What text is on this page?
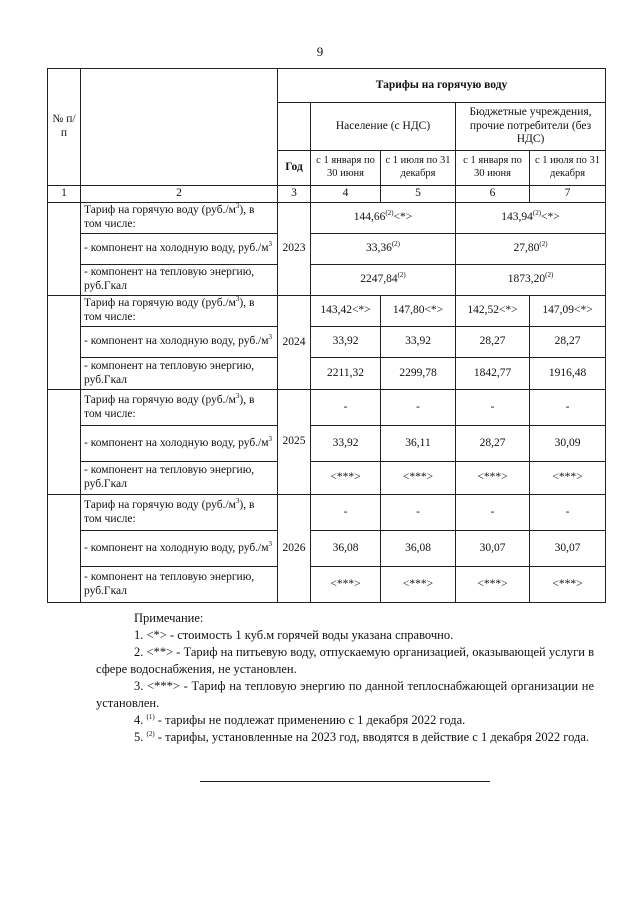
9
№ п/п		Тарифы на горячую воду				
			Население (с НДС)		Бюджетные учреждения, прочие потребители (без НДС)	
		Год	с 1 января по 30 июня	с 1 июля по 31 декабря	с 1 января по 30 июня	с 1 июля по 31 декабря
1	2	3	4	5	6	7
	Тариф на горячую воду $(руб./м^3)$, в том числе:	2023	$144,66^{(2)}<*>$		$143,94^{(2)}<*>$	
	- компонент на холодную воду, $руб./м^3$		33,36$^{(2)}$		27,80$^{(2)}$
	- компонент на тепловую энергию, руб.Гкал		2247,84$^{(2)}$		1873,20$^{(2)}$
	Тариф на горячую воду $(руб./м^3)$, в том числе:	2024	143,42<*>	147,80<*>	142,52<*>	147,09<*>
	- компонент на холодную воду, $руб./м^3$		33,92	33,92	28,27	28,27
	- компонент на тепловую энергию, руб.Гкал		2211,32	2299,78	1842,77	1916,48
	Тариф на горячую воду $(руб./м^3)$, в том числе:	2025	-	-	-	-
	- компонент на холодную воду, $руб./м^3$		33,92	36,11	28,27	30,09
	- компонент на тепловую энергию, руб.Гкал		<***>	<***>	<***>	<***>
	Тариф на горячую воду $(руб./м^3)$, в том числе:	2026	-	-	-	-
	- компонент на холодную воду, $руб./м^3$		36,08	36,08	30,07	30,07
	- компонент на тепловую энергию, руб.Гкал		<***>	<***>	<***>	<***>

Примечание:

1. <*> - стоимость 1 куб.м горячей воды указана справочно.

2. <**> - Тариф на питьевую воду, отпускаемую организацией, оказывающей услуги в сфере водоснабжения, не установлен.

3. <***> - Тариф на тепловую энергию по данной теплоснабжающей организации не установлен.

4. $^{(1)}$ - тарифы не подлежат применению с 1 декабря 2022 года.

5. $^{(2)}$ - тарифы, установленные на 2023 год, вводятся в действие с 1 декабря 2022 года.
